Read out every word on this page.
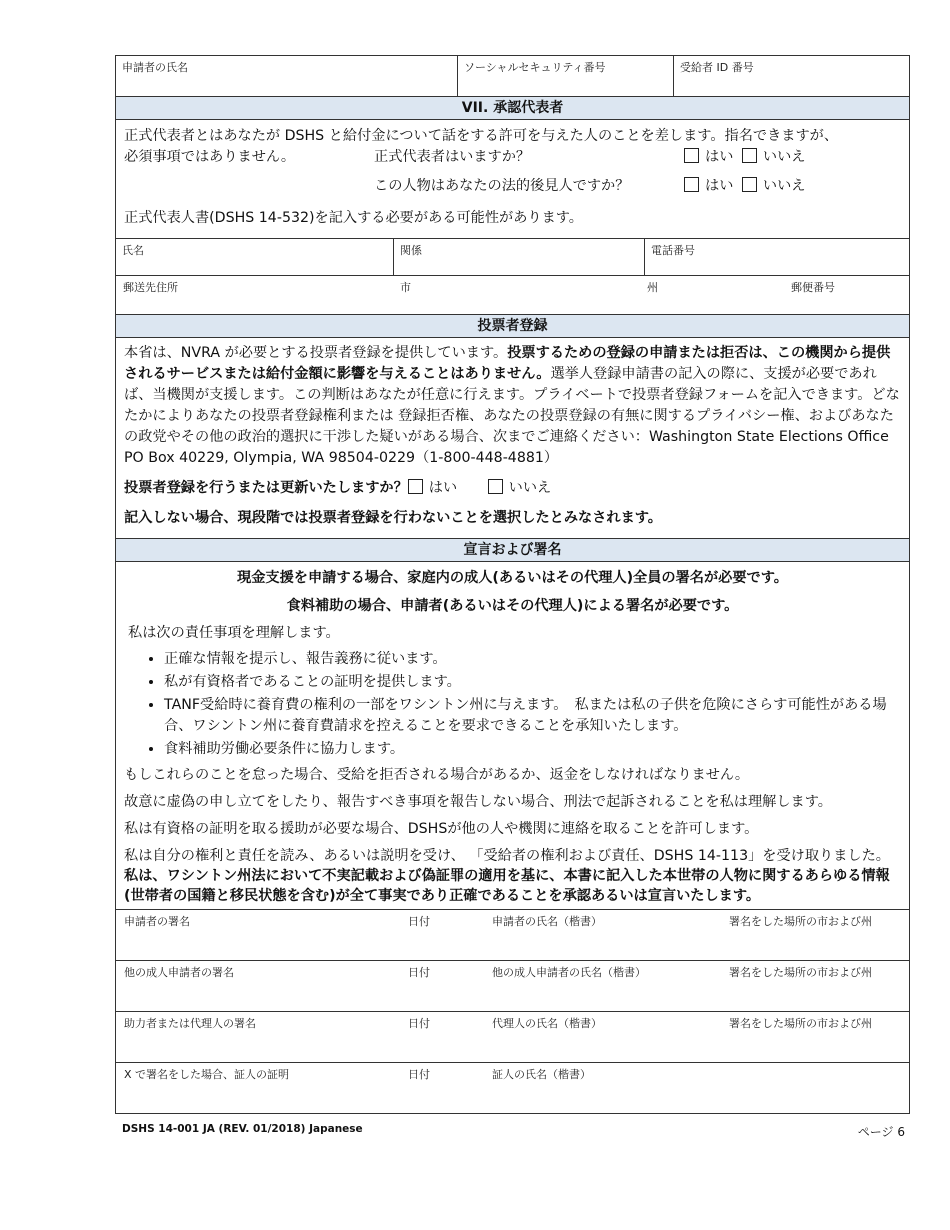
申請者の氏名	ソーシャルセキュリティ番号	受給者 ID 番号
VII. 承認代表者
正式代表者とはあなたが DSHS と給付金について話をする許可を与えた人のことを差します。指名できますが、
必須事項ではありません。	正式代表者はいますか？	はい いいえ
この人物はあなたの法的後見人ですか？	はい いいえ
正式代表人書(DSHS 14-532)を記入する必要がある可能性があります。
氏名	関係	電話番号
郵送先住所	市	州	郵便番号
投票者登録
本省は、NVRA が必要とする投票者登録を提供しています。投票するための登録の申請または拒否は、この機関から提供されるサービスまたは給付金額に影響を与えることはありません。選挙人登録申請書の記入の際に、支援が必要であれば、当機関が支援します。この判断はあなたが任意に行えます。プライベートで投票者登録フォームを記入できます。どなたかによりあなたの投票者登録権利または 登録拒否権、あなたの投票登録の有無に関するプライバシー権、およびあなたの政党やその他の政治的選択に干渉した疑いがある場合、次までご連絡ください：Washington State Elections Office PO Box 40229, Olympia, WA 98504-0229（1-800-448-4881）
投票者登録を行うまたは更新いたしますか？ はい	いいえ
記入しない場合、現段階では投票者登録を行わないことを選択したとみなされます。
宣言および署名
現金支援を申請する場合、家庭内の成人(あるいはその代理人)全員の署名が必要です。
食料補助の場合、申請者(あるいはその代理人)による署名が必要です。
私は次の責任事項を理解します。
• 正確な情報を提示し、報告義務に従います。
• 私が有資格者であることの証明を提供します。
• TANF受給時に養育費の権利の一部をワシントン州に与えます。　私または私の子供を危険にさらす可能性がある場合、ワシントン州に養育費請求を控えることを要求できることを承知いたします。
• 食料補助労働必要条件に協力します。
もしこれらのことを怠った場合、受給を拒否される場合があるか、返金をしなければなりません。
故意に虚偽の申し立てをしたり、報告すべき事項を報告しない場合、刑法で起訴されることを私は理解します。
私は有資格の証明を取る援助が必要な場合、DSHSが他の人や機関に連絡を取ることを許可します。
私は自分の権利と責任を読み、あるいは説明を受け、 「受給者の権利および責任、DSHS 14-113」を受け取りました。私は、ワシントン州法において不実記載および偽証罪の適用を基に、本書に記入した本世帯の人物に関するあらゆる情報(世帯者の国籍と移民状態を含む)が全て事実であり正確であることを承認あるいは宣言いたします。
申請者の署名	日付	申請者の氏名（楷書）	署名をした場所の市および州
他の成人申請者の署名	日付	他の成人申請者の氏名（楷書）	署名をした場所の市および州
助力者または代理人の署名	日付	代理人の氏名（楷書）	署名をした場所の市および州
X で署名をした場合、証人の証明	日付	証人の氏名（楷書）
DSHS 14-001 JA (REV. 01/2018) Japanese	ページ 6
